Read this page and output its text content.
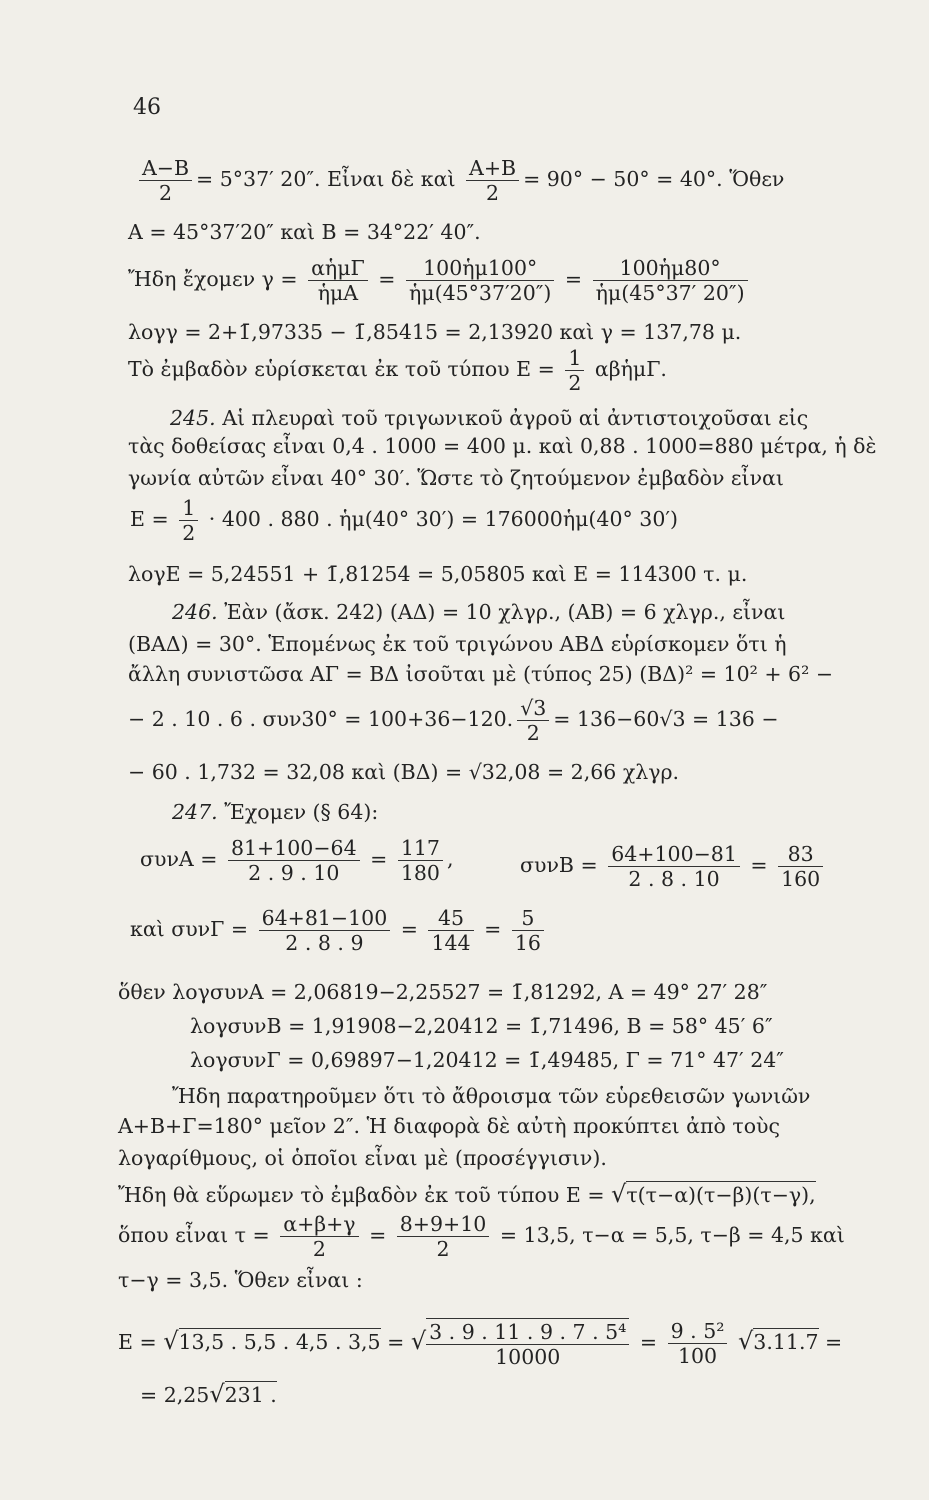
46
$\frac{A-B}{2} = 5^\circ 37'$ 20″. Εἶναι δὲ καὶ $\frac{A+B}{2} = 90^\circ - 50^\circ = 40^\circ$. Ὅθεν
A = 45°37′20″ καὶ B = 34°22′ 40″.
Ἤδη ἔχομεν $\gamma = \frac{\text{αἡμΓ}}{\text{ἡμΑ}} = \frac{\text{100ἡμ100°}}{\text{ἡμ(45°37′20″)}} = \frac{\text{100ἡμ80°}}{\text{ἡμ(45°37′ 20″)}}$
λογγ = 2+1̄,97335 − 1̄,85415 = 2,13920 καὶ γ = 137,78 μ.
Τὸ ἐμβαδὸν εὑρίσκεται ἐκ τοῦ τύπου $E = \frac{1}{2}$ αβἡμΓ.
245. Αἱ πλευραὶ τοῦ τριγωνικοῦ ἀγροῦ αἱ ἀντιστοιχοῦσαι εἰς
τὰς δοθείσας εἶναι 0,4 . 1000 = 400 μ. καὶ 0,88 . 1000=880 μέτρα, ἡ δὲ
γωνία αὐτῶν εἶναι 40° 30′. Ὥστε τὸ ζητούμενον ἐμβαδὸν εἶναι
$E = \frac{1}{2} \cdot 400$ . 880 . ἡμ(40° 30′) = 176000ἡμ(40° 30′)
λογE = 5,24551 + 1̄,81254 = 5,05805 καὶ E = 114300 τ. μ.
246. Ἐὰν (ἄσκ. 242) (ΑΔ) = 10 χλγρ., (ΑΒ) = 6 χλγρ., εἶναι
(ΒΑΔ) = 30°. Ἑπομένως ἐκ τοῦ τριγώνου ΑΒΔ εὑρίσκομεν ὅτι ἡ
ἄλλη συνιστῶσα ΑΓ = ΒΔ ἰσοῦται μὲ (τύπος 25) (ΒΔ)² = 10² + 6² −
− 2 . 10 . 6 . συν30° = 100+36−120. $\frac{√3}{2} = 136-60√3 = 136$ −
− 60 . 1,732 = 32,08 καὶ (ΒΔ) = √32,08 = 2,66 χλγρ.
247. Ἔχομεν (§ 64):
$\sigma\upsilon\nu A = \frac{81+100-64}{2 . 9 . 10} = \frac{117}{180}$ ,	$\sigma\upsilon\nu B = \frac{64+100-81}{2 . 8 . 10} = \frac{83}{160}$
καὶ $\sigma\upsilon\nu\Gamma = \frac{64+81-100}{2 . 8 . 9} = \frac{45}{144} = \frac{5}{16}$
ὅθεν λογσυνA = 2,06819−2,25527 = 1̄,81292, A = 49° 27′ 28″
λογσυνB = 1,91908−2,20412 = 1̄,71496, B = 58° 45′ 6″
λογσυνΓ = 0,69897−1,20412 = 1̄,49485, Γ = 71° 47′ 24″
Ἤδη παρατηροῦμεν ὅτι τὸ ἄθροισμα τῶν εὑρεθεισῶν γωνιῶν
A+B+Γ=180° μεῖον 2″. Ἡ διαφορὰ δὲ αὐτὴ προκύπτει ἀπὸ τοὺς
λογαρίθμους, οἱ ὁποῖοι εἶναι μὲ (προσέγγισιν).
Ἤδη θὰ εὕρωμεν τὸ ἐμβαδὸν ἐκ τοῦ τύπου E = √τ(τ−α)(τ−β)(τ−γ),
ὅπου εἶναι $\tau = \frac{\alpha+\beta+\gamma}{2} = \frac{8+9+10}{2} = 13,5$, τ−α = 5,5, τ−β = 4,5 καὶ
τ−γ = 3,5. Ὅθεν εἶναι :
E = √13,5 . 5,5 . 4,5 . 3,5 = √ $\frac{\text{3 . 9 . 11 . 9 . 7 . 5⁴}}{10000} = \frac{\text{9 . 5²}}{100} √3.11.7$ =
= 2,25√231 .
